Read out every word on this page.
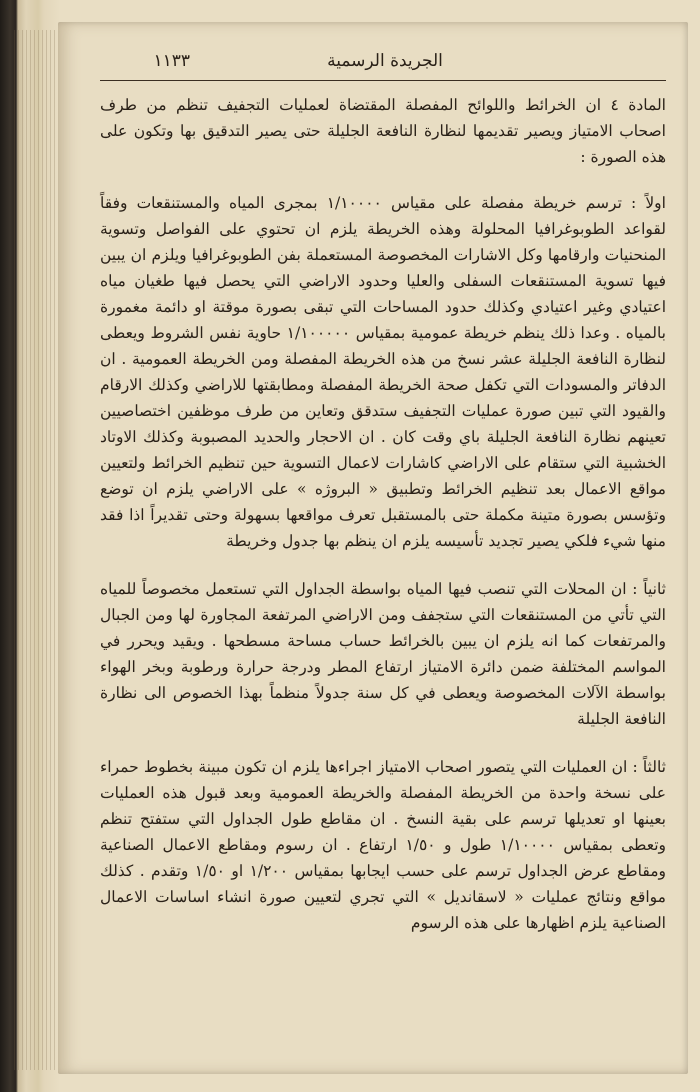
الجريدة الرسمية
١١٣٣

المادة ٤ ان الخرائط واللوائح المفصلة المقتضاة لعمليات التجفيف تنظم من طرف اصحاب الامتياز ويصير تقديمها لنظارة النافعة الجليلة حتى يصير التدقيق بها وتكون على هذه الصورة :

اولاً : ترسم خريطة مفصلة على مقياس ١/١٠٠٠٠ بمجرى المياه والمستنقعات وفقاً لقواعد الطوبوغرافيا المحلولة وهذه الخريطة يلزم ان تحتوي على الفواصل وتسوية المنحنيات وارقامها وكل الاشارات المخصوصة المستعملة بفن الطوبوغرافيا ويلزم ان يبين فيها تسوية المستنقعات السفلى والعليا وحدود الاراضي التي يحصل فيها طغيان مياه اعتيادي وغير اعتيادي وكذلك حدود المساحات التي تبقى بصورة موقتة او دائمة مغمورة بالمياه . وعدا ذلك ينظم خريطة عمومية بمقياس ١/١٠٠٠٠٠ حاوية نفس الشروط ويعطى لنظارة النافعة الجليلة عشر نسخ من هذه الخريطة المفصلة ومن الخريطة العمومية . ان الدفاتر والمسودات التي تكفل صحة الخريطة المفصلة ومطابقتها للاراضي وكذلك الارقام والقيود التي تبين صورة عمليات التجفيف ستدقق وتعاين من طرف موظفين اختصاصيين تعينهم نظارة النافعة الجليلة باي وقت كان . ان الاحجار والحديد المصبوبة وكذلك الاوتاد الخشبية التي ستقام على الاراضي كاشارات لاعمال التسوية حين تنظيم الخرائط ولتعيين مواقع الاعمال بعد تنظيم الخرائط وتطبيق « البروژه » على الاراضي يلزم ان توضع وتؤسس بصورة متينة مكملة حتى بالمستقبل تعرف مواقعها بسهولة وحتى تقديراً اذا فقد منها شيء فلكي يصير تجديد تأسيسه يلزم ان ينظم بها جدول وخريطة

ثانياً : ان المحلات التي تنصب فيها المياه بواسطة الجداول التي تستعمل مخصوصاً للمياه التي تأتي من المستنقعات التي ستجفف ومن الاراضي المرتفعة المجاورة لها ومن الجبال والمرتفعات كما انه يلزم ان يبين بالخرائط حساب مساحة مسطحها . ويقيد ويحرر في المواسم المختلفة ضمن دائرة الامتياز ارتفاع المطر ودرجة حرارة ورطوبة وبخر الهواء بواسطة الآلات المخصوصة ويعطى في كل سنة جدولاً منظماً بهذا الخصوص الى نظارة النافعة الجليلة

ثالثاً : ان العمليات التي يتصور اصحاب الامتياز اجراءها يلزم ان تكون مبينة بخطوط حمراء على نسخة واحدة من الخريطة المفصلة والخريطة العمومية وبعد قبول هذه العمليات بعينها او تعديلها ترسم على بقية النسخ . ان مقاطع طول الجداول التي ستفتح تنظم وتعطى بمقياس ١/١٠٠٠٠ طول و ١/٥٠ ارتفاع . ان رسوم ومقاطع الاعمال الصناعية ومقاطع عرض الجداول ترسم على حسب ايجابها بمقياس ١/٢٠٠ او ١/٥٠ وتقدم . كذلك مواقع ونتائج عمليات « لاسقانديل » التي تجري لتعيين صورة انشاء اساسات الاعمال الصناعية يلزم اظهارها على هذه الرسوم
